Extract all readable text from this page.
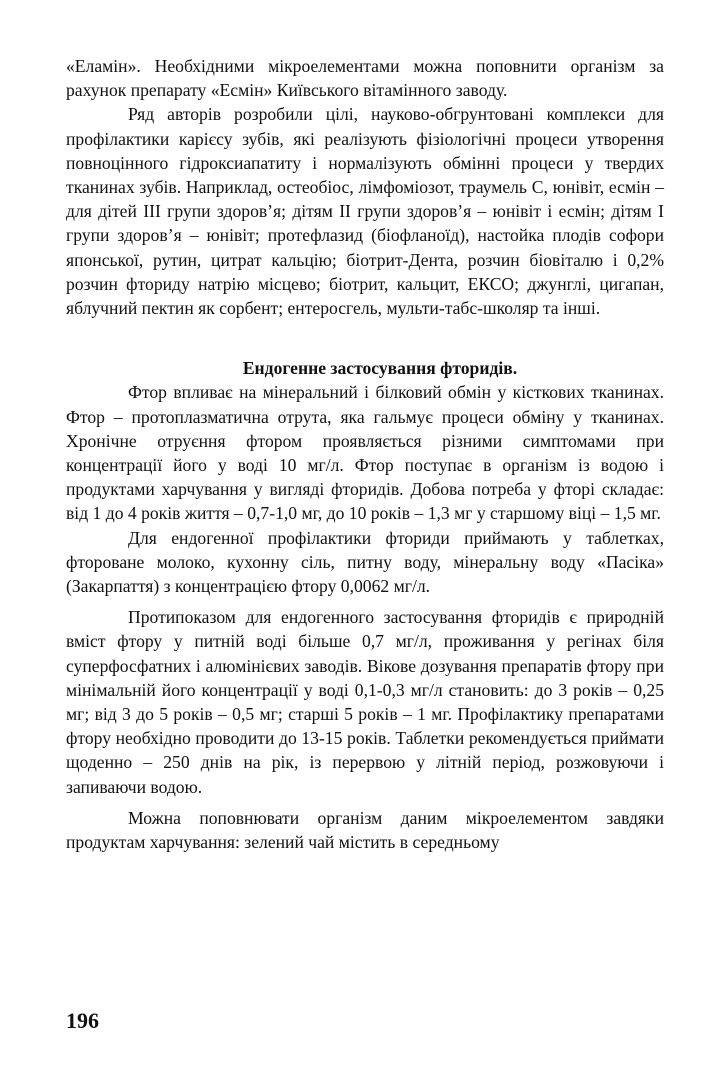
«Еламін». Необхідними мікроелементами можна поповнити організм за рахунок препарату «Есмін» Київського вітамінного заводу.

Ряд авторів розробили цілі, науково-обгрунтовані комплекси для профілактики карієсу зубів, які реалізують фізіологічні процеси утворення повноцінного гідроксиапатиту і нормалізують обмінні процеси у твердих тканинах зубів. Наприклад, остеобіос, лімфоміозот, траумель С, юнівіт, есмін – для дітей III групи здоров’я; дітям II групи здоров’я – юнівіт і есмін; дітям I групи здоров’я – юнівіт; протефлазид (біофланоїд), настойка плодів софори японської, рутин, цитрат кальцію; біотрит-Дента, розчин біовіталю і 0,2% розчин фториду натрію місцево; біотрит, кальцит, ЕКСО; джунглі, цигапан, яблучний пектин як сорбент; ентеросгель, мульти-табс-школяр та інші.

Ендогенне застосування фторидів.

Фтор впливає на мінеральний і білковий обмін у кісткових тканинах. Фтор – протоплазматична отрута, яка гальмує процеси обміну у тканинах. Хронічне отруєння фтором проявляється різними симптомами при концентрації його у воді 10 мг/л. Фтор поступає в організм із водою і продуктами харчування у вигляді фторидів. Добова потреба у фторі складає: від 1 до 4 років життя – 0,7-1,0 мг, до 10 років – 1,3 мг у старшому віці – 1,5 мг.

Для ендогенної профілактики фториди приймають у таблетках, фтороване молоко, кухонну сіль, питну воду, мінеральну воду «Пасіка» (Закарпаття) з концентрацією фтору 0,0062 мг/л.

Протипоказом для ендогенного застосування фторидів є природній вміст фтору у питній воді більше 0,7 мг/л, проживання у регінах біля суперфосфатних і алюмінієвих заводів. Вікове дозування препаратів фтору при мінімальній його концентрації у воді 0,1-0,3 мг/л становить: до 3 років – 0,25 мг; від 3 до 5 років – 0,5 мг; старші 5 років – 1 мг. Профілактику препаратами фтору необхідно проводити до 13-15 років. Таблетки рекомендується приймати щоденно – 250 днів на рік, із перервою у літній період, розжовуючи і запиваючи водою.

Можна поповнювати організм даним мікроелементом завдяки продуктам харчування: зелений чай містить в середньому

196
